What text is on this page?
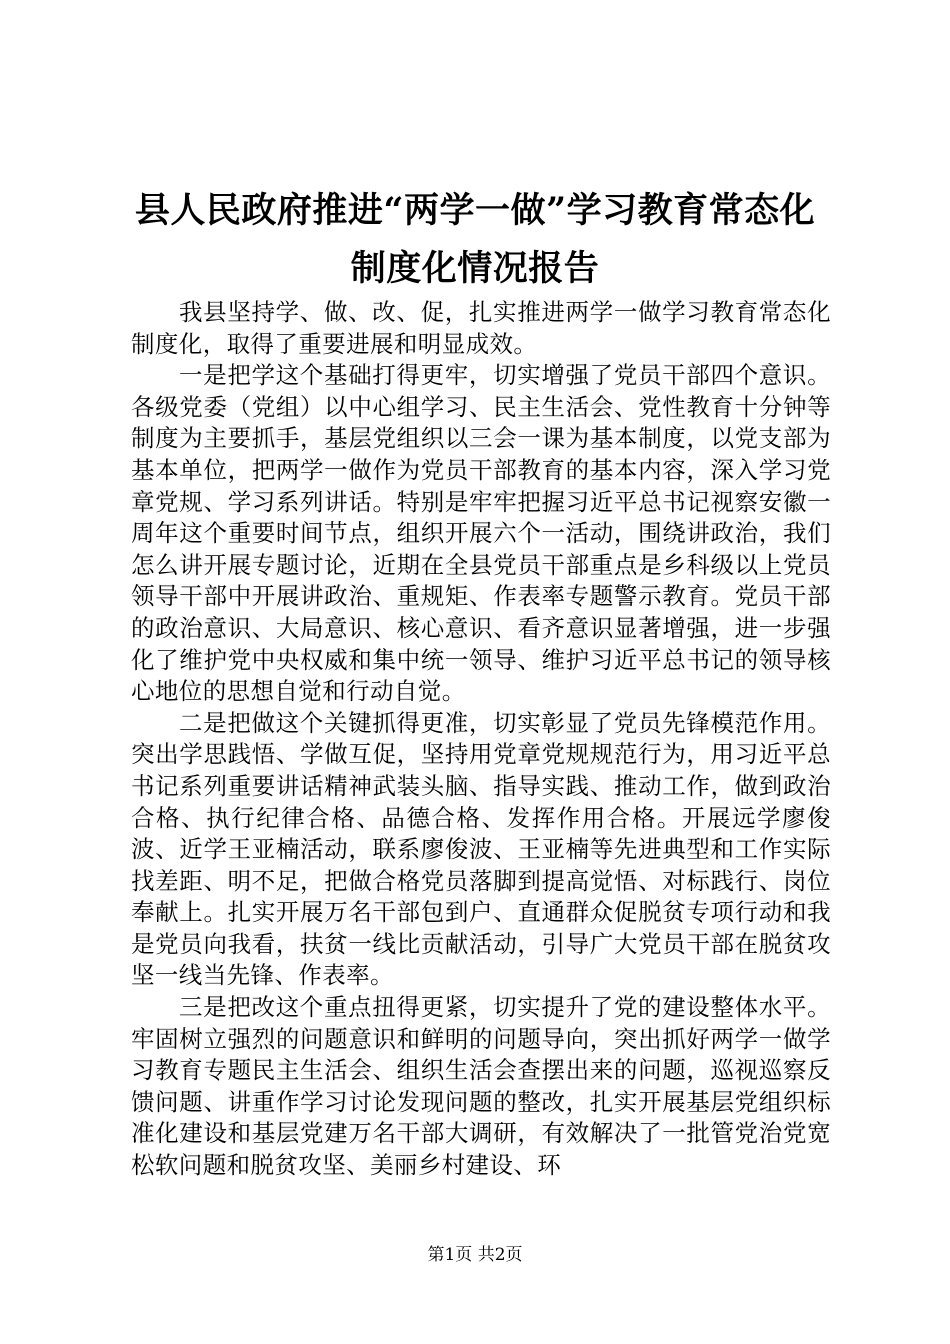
县人民政府推进“两学一做”学习教育常态化
制度化情况报告

我县坚持学、做、改、促，扎实推进两学一做学习教育常态化制度化，取得了重要进展和明显成效。

一是把学这个基础打得更牢，切实增强了党员干部四个意识。各级党委（党组）以中心组学习、民主生活会、党性教育十分钟等制度为主要抓手，基层党组织以三会一课为基本制度，以党支部为基本单位，把两学一做作为党员干部教育的基本内容，深入学习党章党规、学习系列讲话。特别是牢牢把握习近平总书记视察安徽一周年这个重要时间节点，组织开展六个一活动，围绕讲政治，我们怎么讲开展专题讨论，近期在全县党员干部重点是乡科级以上党员领导干部中开展讲政治、重规矩、作表率专题警示教育。党员干部的政治意识、大局意识、核心意识、看齐意识显著增强，进一步强化了维护党中央权威和集中统一领导、维护习近平总书记的领导核心地位的思想自觉和行动自觉。

二是把做这个关键抓得更准，切实彰显了党员先锋模范作用。突出学思践悟、学做互促，坚持用党章党规规范行为，用习近平总书记系列重要讲话精神武装头脑、指导实践、推动工作，做到政治合格、执行纪律合格、品德合格、发挥作用合格。开展远学廖俊波、近学王亚楠活动，联系廖俊波、王亚楠等先进典型和工作实际找差距、明不足，把做合格党员落脚到提高觉悟、对标践行、岗位奉献上。扎实开展万名干部包到户、直通群众促脱贫专项行动和我是党员向我看，扶贫一线比贡献活动，引导广大党员干部在脱贫攻坚一线当先锋、作表率。

三是把改这个重点扭得更紧，切实提升了党的建设整体水平。牢固树立强烈的问题意识和鲜明的问题导向，突出抓好两学一做学习教育专题民主生活会、组织生活会查摆出来的问题，巡视巡察反馈问题、讲重作学习讨论发现问题的整改，扎实开展基层党组织标准化建设和基层党建万名干部大调研，有效解决了一批管党治党宽松软问题和脱贫攻坚、美丽乡村建设、环

第1页 共2页
